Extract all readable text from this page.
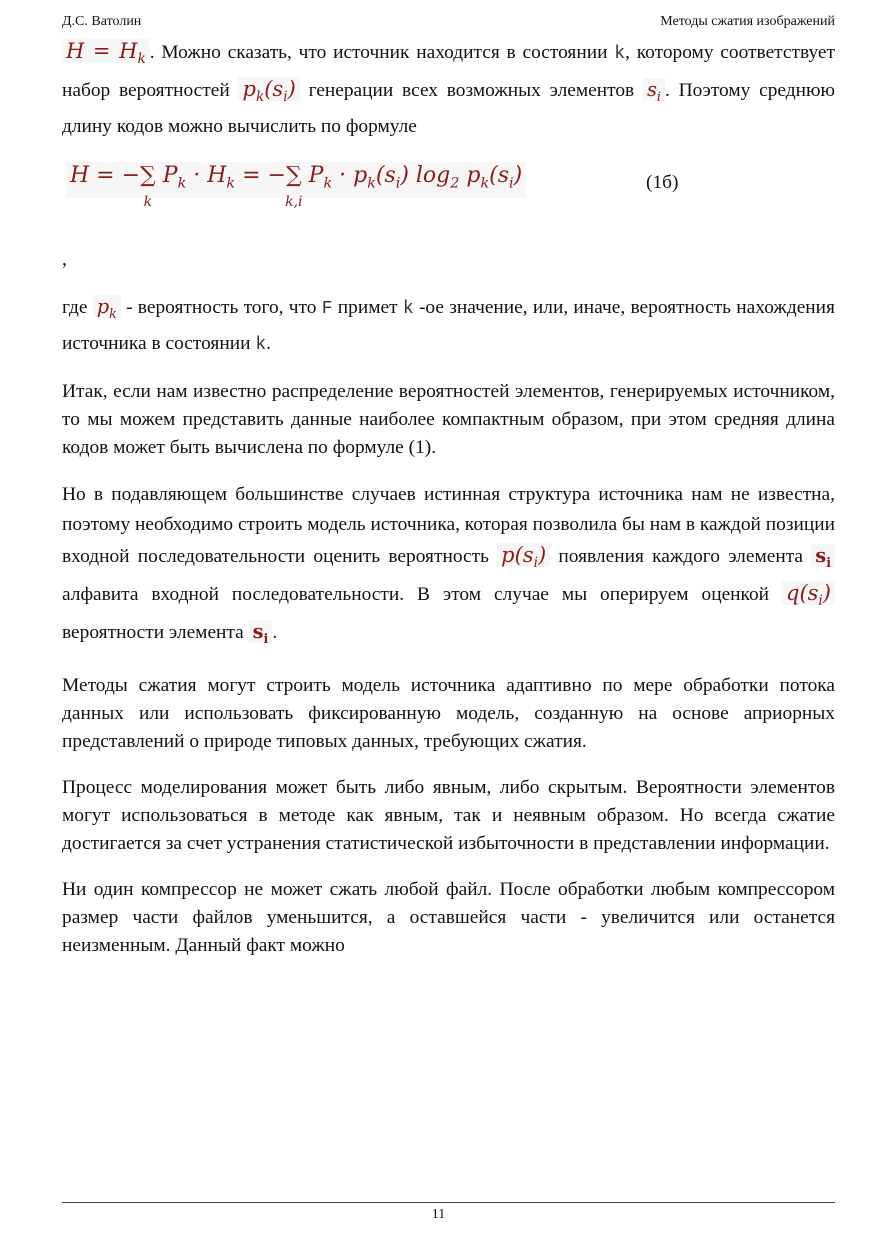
Д.С. Ватолин	Методы сжатия изображений

$H = H_k$ . Можно сказать, что источник находится в состоянии k, которому соответствует набор вероятностей $p_k(s_i)$ генерации всех возможных элементов $s_i$ . Поэтому среднюю длину кодов можно вычислить по формуле

H = −∑
k
$P_k \cdot H_k$ = −∑
k,i
$P_k \cdot p_k(s_i)$ $\log_2 p_k(s_i)$	(1б)

,

где $p_k$ - вероятность того, что F примет k -ое значение, или, иначе, вероятность нахождения источника в состоянии k.

Итак, если нам известно распределение вероятностей элементов, генерируемых источником, то мы можем представить данные наиболее компактным образом, при этом средняя длина кодов может быть вычислена по формуле (1).

Но в подавляющем большинстве случаев истинная структура источника нам не известна, поэтому необходимо строить модель источника, которая позволила бы нам в каждой позиции входной последовательности оценить вероятность $p(s_i)$ появления каждого элемента $s_i$ алфавита входной последовательности. В этом случае мы оперируем оценкой $q(s_i)$ вероятности элемента $s_i$ .

Методы сжатия могут строить модель источника адаптивно по мере обработки потока данных или использовать фиксированную модель, созданную на основе априорных представлений о природе типовых данных, требующих сжатия.

Процесс моделирования может быть либо явным, либо скрытым. Вероятности элементов могут использоваться в методе как явным, так и неявным образом. Но всегда сжатие достигается за счет устранения статистической избыточности в представлении информации.

Ни один компрессор не может сжать любой файл. После обработки любым компрессором размер части файлов уменьшится, а оставшейся части - увеличится или останется неизменным. Данный факт можно

11
